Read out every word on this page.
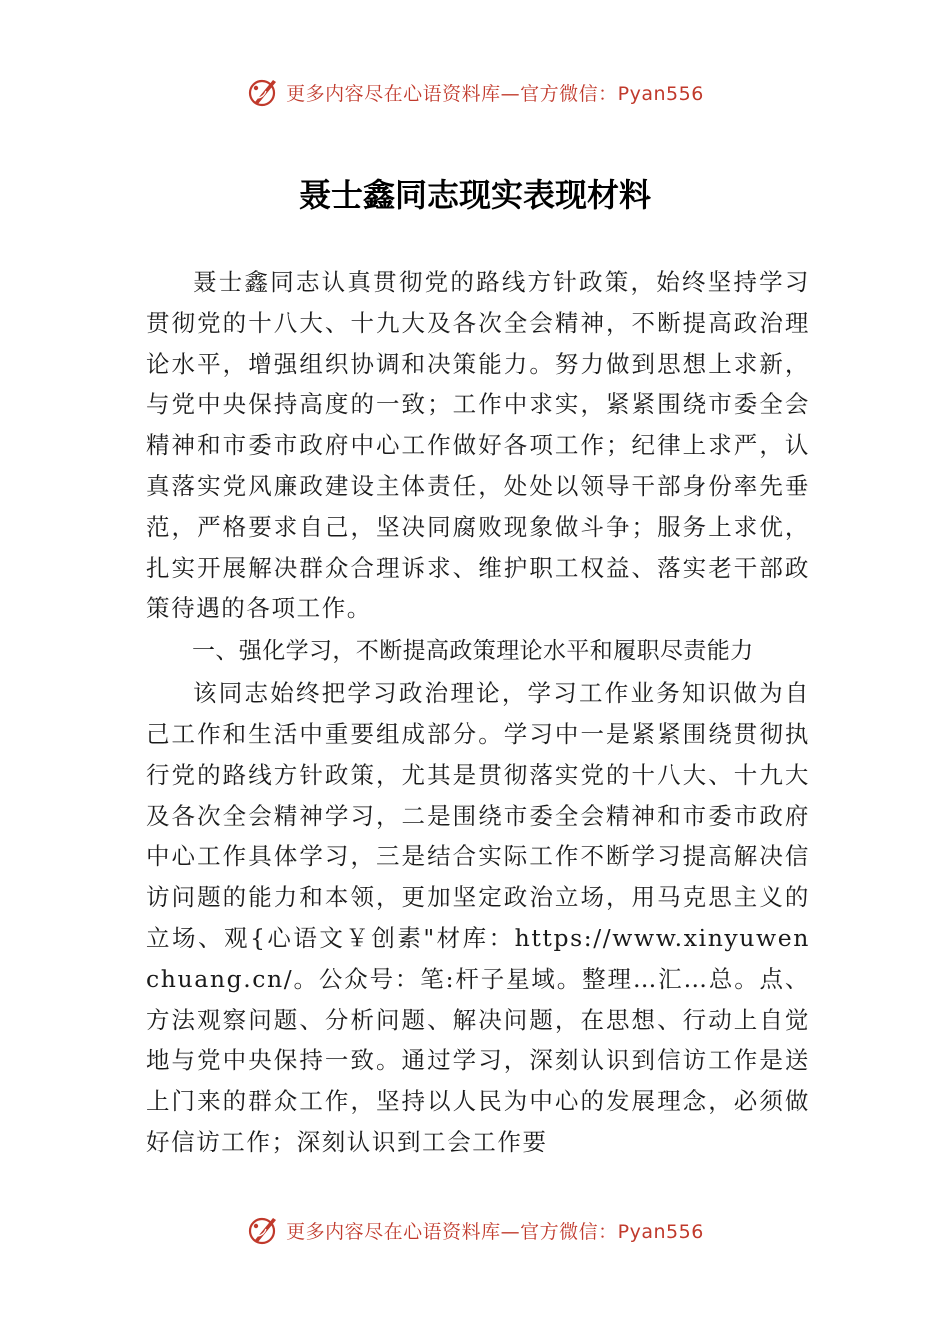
更多内容尽在心语资料库—官方微信：Pyan556
聂士鑫同志现实表现材料

聂士鑫同志认真贯彻党的路线方针政策，始终坚持学习贯彻党的十八大、十九大及各次全会精神，不断提高政治理论水平，增强组织协调和决策能力。努力做到思想上求新，与党中央保持高度的一致；工作中求实，紧紧围绕市委全会精神和市委市政府中心工作做好各项工作；纪律上求严，认真落实党风廉政建设主体责任，处处以领导干部身份率先垂范，严格要求自己，坚决同腐败现象做斗争；服务上求优，扎实开展解决群众合理诉求、维护职工权益、落实老干部政策待遇的各项工作。

一、强化学习，不断提高政策理论水平和履职尽责能力

该同志始终把学习政治理论，学习工作业务知识做为自己工作和生活中重要组成部分。学习中一是紧紧围绕贯彻执行党的路线方针政策，尤其是贯彻落实党的十八大、十九大及各次全会精神学习，二是围绕市委全会精神和市委市政府中心工作具体学习，三是结合实际工作不断学习提高解决信访问题的能力和本领，更加坚定政治立场，用马克思主义的立场、观{心语文￥创素"材库：https://www.xinyuwenchuang.cn/。公众号：笔:杆子星域。整理…汇…总。点、方法观察问题、分析问题、解决问题，在思想、行动上自觉地与党中央保持一致。通过学习，深刻认识到信访工作是送上门来的群众工作，坚持以人民为中心的发展理念，必须做好信访工作；深刻认识到工会工作要

更多内容尽在心语资料库—官方微信：Pyan556
